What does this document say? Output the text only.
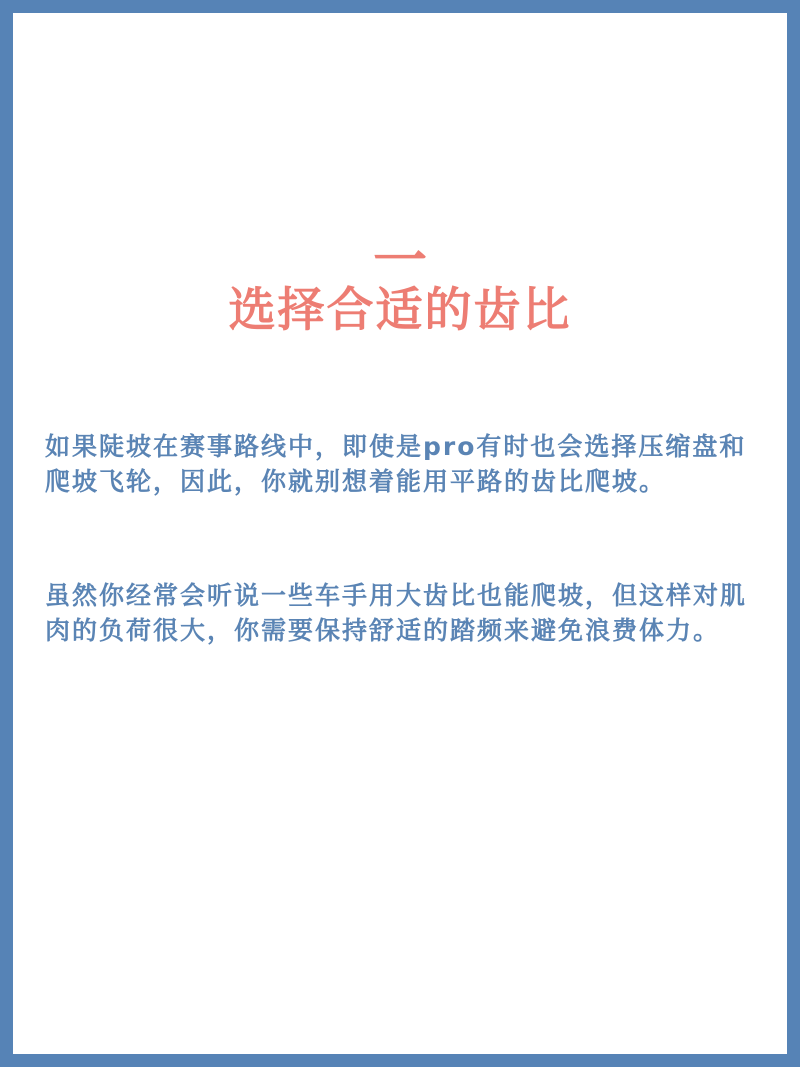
一
选择合适的齿比

如果陡坡在赛事路线中，即使是pro有时也会选择压缩盘和爬坡飞轮，因此，你就别想着能用平路的齿比爬坡。

虽然你经常会听说一些车手用大齿比也能爬坡，但这样对肌肉的负荷很大，你需要保持舒适的踏频来避免浪费体力。
